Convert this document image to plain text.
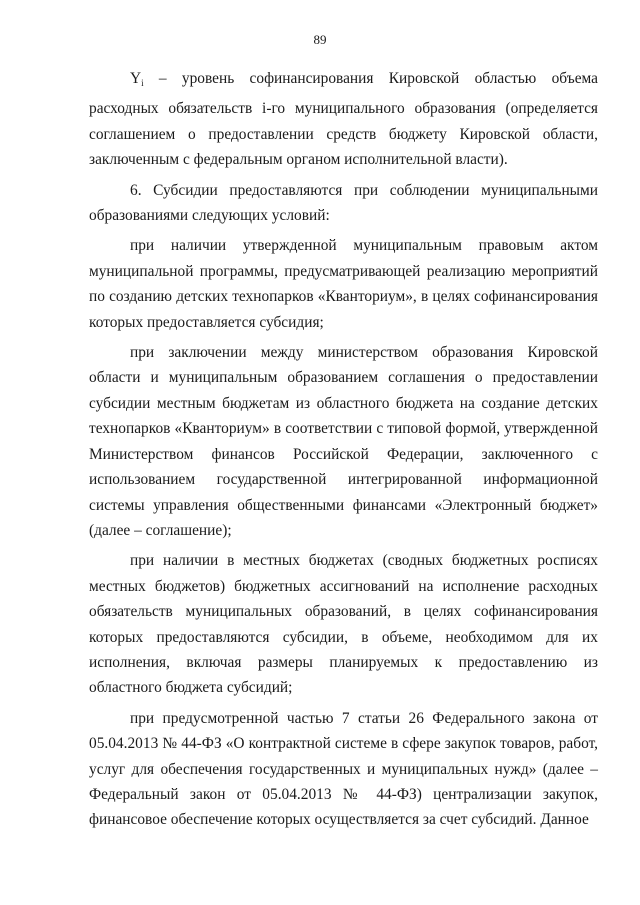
89

$Y_i$ – уровень софинансирования Кировской областью объема расходных обязательств i-го муниципального образования (определяется соглашением о предоставлении средств бюджету Кировской области, заключенным с федеральным органом исполнительной власти).

6. Субсидии предоставляются при соблюдении муниципальными образованиями следующих условий:

при наличии утвержденной муниципальным правовым актом муниципальной программы, предусматривающей реализацию мероприятий по созданию детских технопарков «Кванториум», в целях софинансирования которых предоставляется субсидия;

при заключении между министерством образования Кировской области и муниципальным образованием соглашения о предоставлении субсидии местным бюджетам из областного бюджета на создание детских технопарков «Кванториум» в соответствии с типовой формой, утвержденной Министерством финансов Российской Федерации, заключенного с использованием государственной интегрированной информационной системы управления общественными финансами «Электронный бюджет» (далее – соглашение);

при наличии в местных бюджетах (сводных бюджетных росписях местных бюджетов) бюджетных ассигнований на исполнение расходных обязательств муниципальных образований, в целях софинансирования которых предоставляются субсидии, в объеме, необходимом для их исполнения, включая размеры планируемых к предоставлению из областного бюджета субсидий;

при предусмотренной частью 7 статьи 26 Федерального закона от 05.04.2013 № 44-ФЗ «О контрактной системе в сфере закупок товаров, работ, услуг для обеспечения государственных и муниципальных нужд» (далее – Федеральный закон от 05.04.2013 № 44-ФЗ) централизации закупок, финансовое обеспечение которых осуществляется за счет субсидий. Данное
